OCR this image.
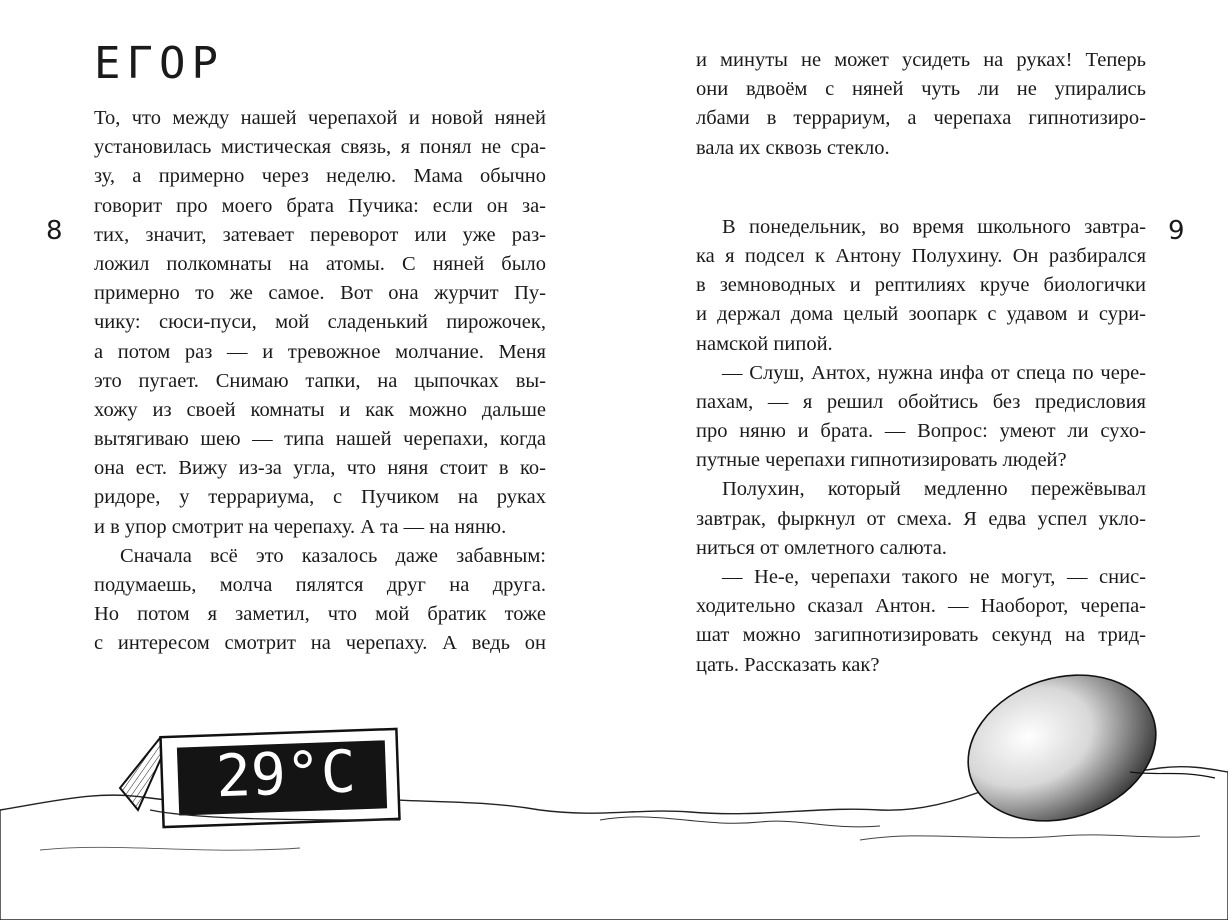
ЕГОР
8	9
То, что между нашей черепахой и новой няней
установилась мистическая связь, я понял не сра-
зу, а примерно через неделю. Мама обычно
говорит про моего брата Пучика: если он за-
тих, значит, затевает переворот или уже раз-
ложил полкомнаты на атомы. С няней было
примерно то же самое. Вот она журчит Пу-
чику: сюси-пуси, мой сладенький пирожочек,
а потом раз — и тревожное молчание. Меня
это пугает. Снимаю тапки, на цыпочках вы-
хожу из своей комнаты и как можно дальше
вытягиваю шею — типа нашей черепахи, когда
она ест. Вижу из-за угла, что няня стоит в ко-
ридоре, у террариума, с Пучиком на руках
и в упор смотрит на черепаху. А та — на няню.
Сначала всё это казалось даже забавным:
подумаешь, молча пялятся друг на друга.
Но потом я заметил, что мой братик тоже
с интересом смотрит на черепаху. А ведь он
и минуты не может усидеть на руках! Теперь
они вдвоём с няней чуть ли не упирались
лбами в террариум, а черепаха гипнотизиро-
вала их сквозь стекло.
В понедельник, во время школьного завтра-
ка я подсел к Антону Полухину. Он разбирался
в земноводных и рептилиях круче биологички
и держал дома целый зоопарк с удавом и сури-
намской пипой.
— Слуш, Антох, нужна инфа от спеца по чере-
пахам, — я решил обойтись без предисловия
про няню и брата. — Вопрос: умеют ли сухо-
путные черепахи гипнотизировать людей?
Полухин, который медленно пережёвывал
завтрак, фыркнул от смеха. Я едва успел укло-
ниться от омлетного салюта.
— Не-е, черепахи такого не могут, — снис-
ходительно сказал Антон. — Наоборот, черепа-
шат можно загипнотизировать секунд на трид-
цать. Рассказать как?
29°C
